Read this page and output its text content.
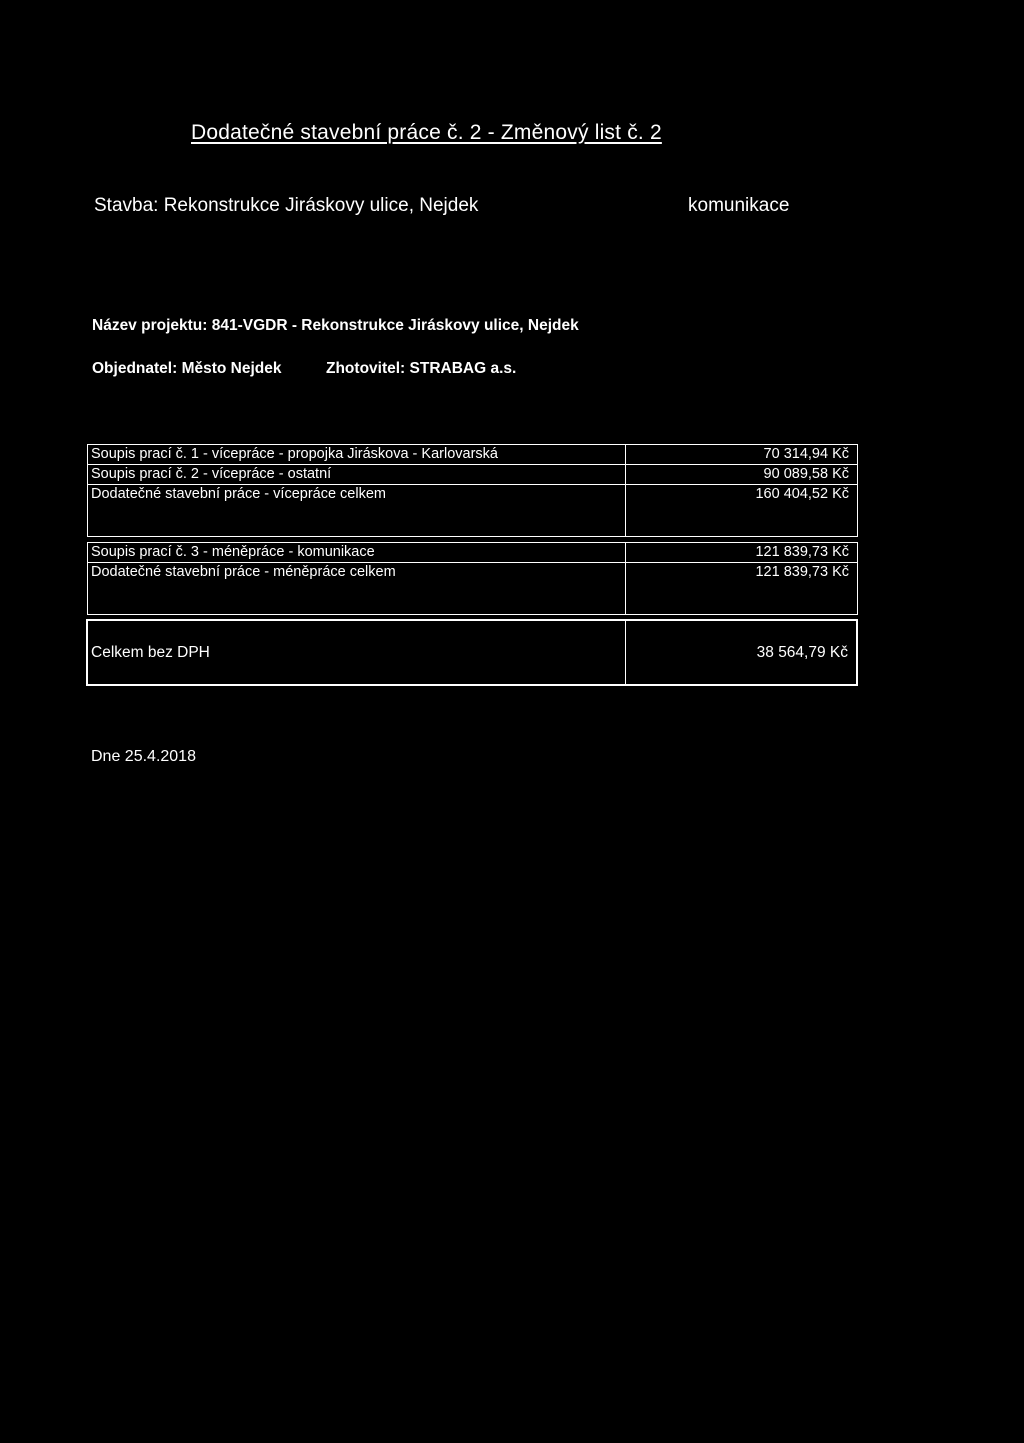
Dodatečné stavební práce č. 2 - Změnový list č. 2
Stavba: Rekonstrukce Jiráskovy ulice, Nejdek	komunikace
Název projektu: 841-VGDR - Rekonstrukce Jiráskovy ulice, Nejdek
Objednatel: Město Nejdek	Zhotovitel: STRABAG a.s.
Soupis prací č. 1 - vícepráce - propojka Jiráskova - Karlovarská	70 314,94 Kč
Soupis prací č. 2 - vícepráce - ostatní	90 089,58 Kč
Dodatečné stavební práce - vícepráce celkem	160 404,52 Kč
Soupis prací č. 3 - méněpráce - komunikace	121 839,73 Kč
Dodatečné stavební práce - méněpráce celkem	121 839,73 Kč
Celkem bez DPH	38 564,79 Kč
Dne 25.4.2018
